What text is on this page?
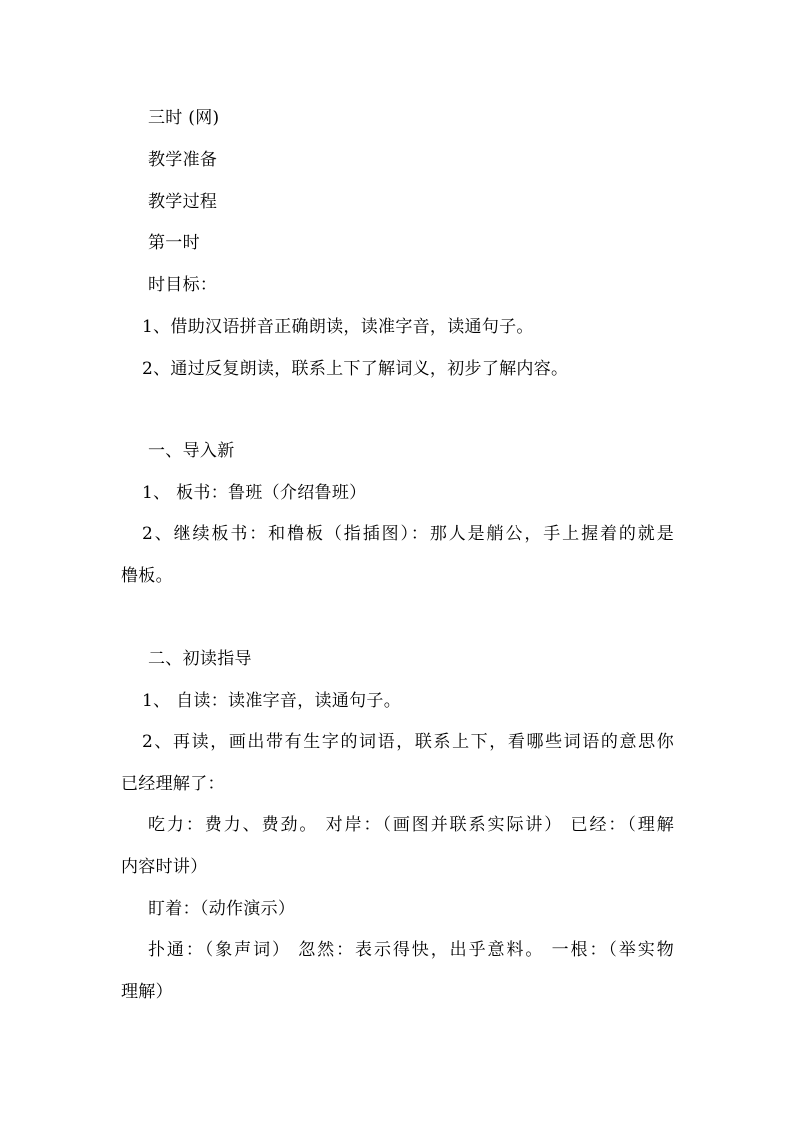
三时 (网)
教学准备
教学过程
第一时
时目标：
1、借助汉语拼音正确朗读，读准字音，读通句子。
2、通过反复朗读，联系上下了解词义，初步了解内容。
一、导入新
1、 板书：鲁班（介绍鲁班）
2、继续板书：和橹板（指插图）：那人是艄公，手上握着的就是
橹板。
二、初读指导
1、 自读：读准字音，读通句子。
2、再读，画出带有生字的词语，联系上下，看哪些词语的意思你
已经理解了：
吃力：费力、费劲。 对岸：（画图并联系实际讲） 已经：（理解
内容时讲）
盯着：（动作演示）
扑通：（象声词） 忽然：表示得快，出乎意料。 一根：（举实物
理解）
